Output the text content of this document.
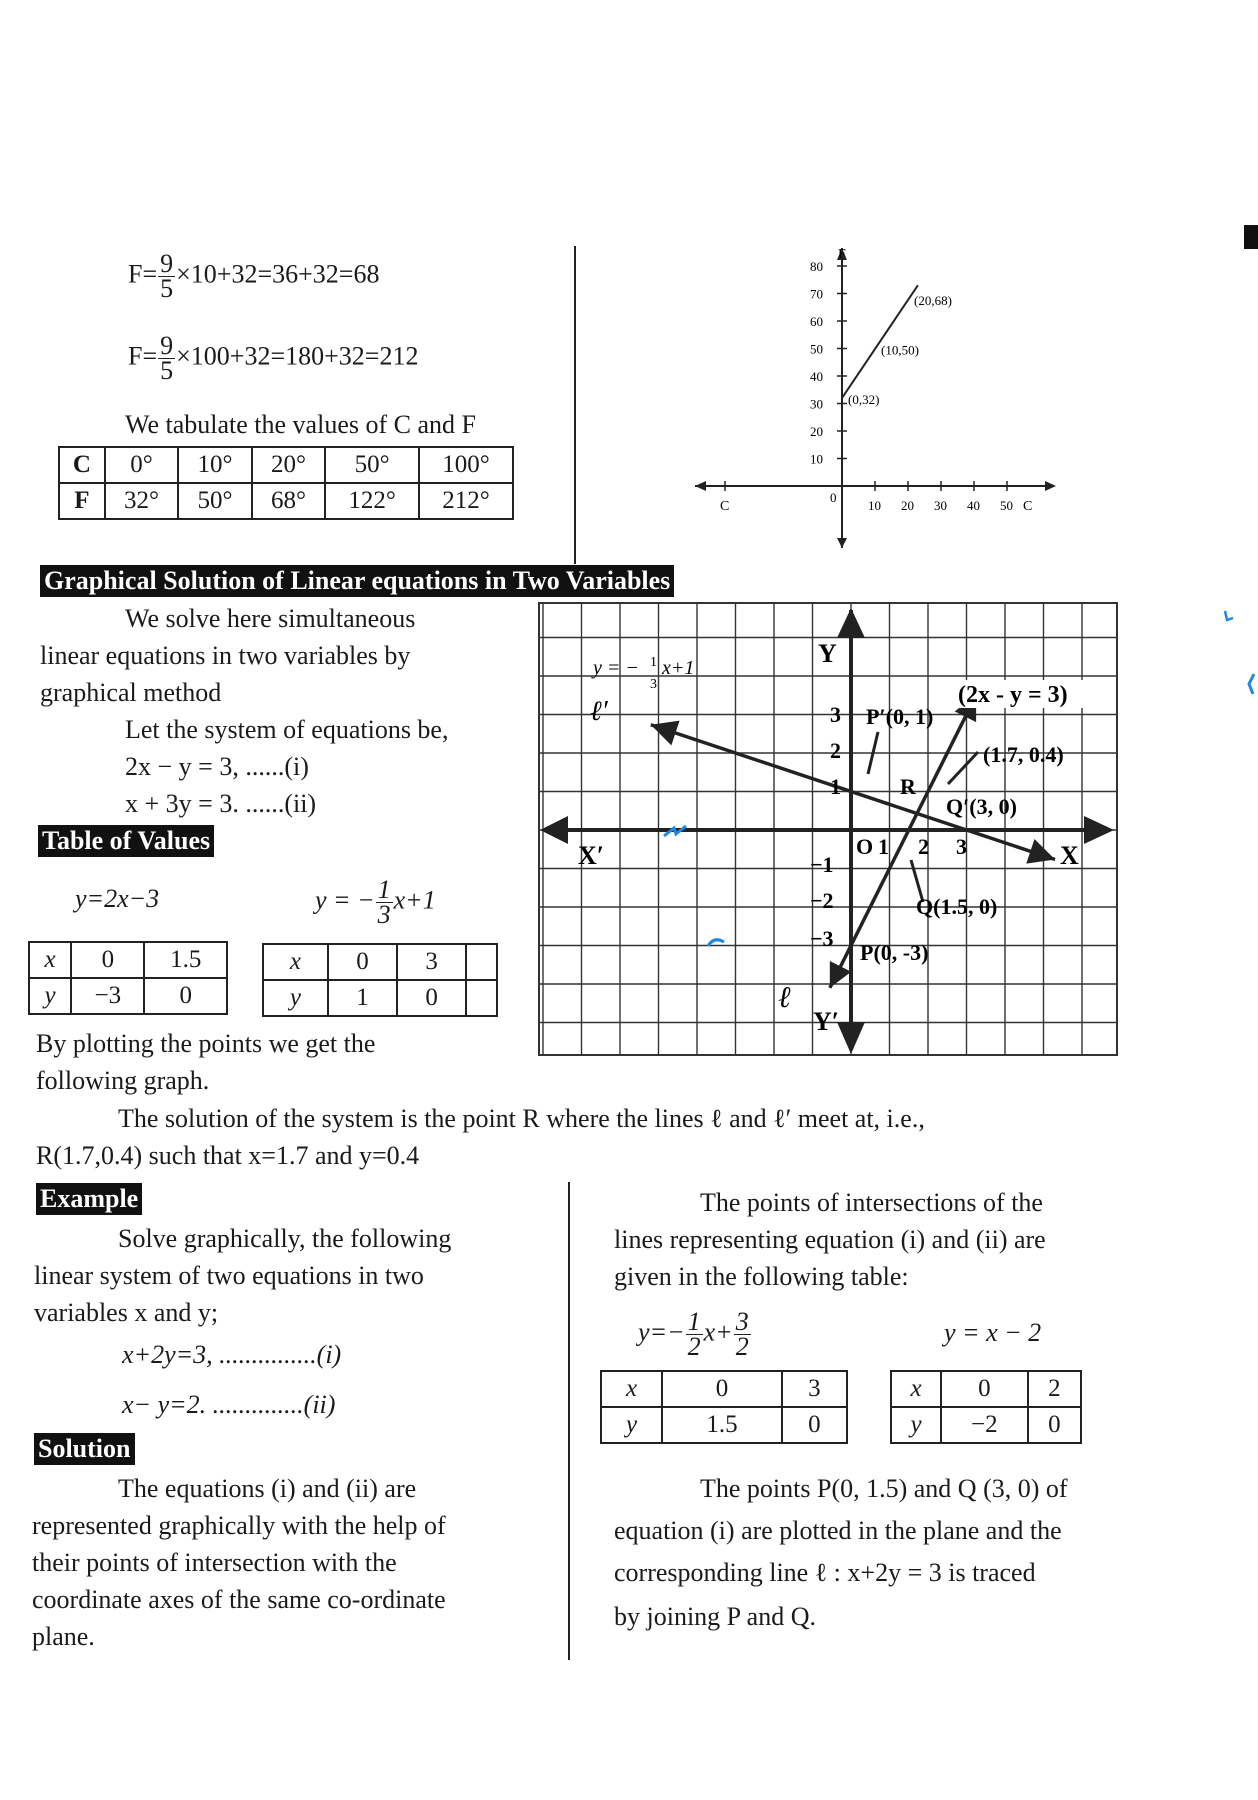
$F= \frac{9}{5} \times 10+32=36+32=68$
$F= \frac{9}{5} \times 100+32=180+32=212$
We tabulate the values of C and F
C	0°	10°	20°	50°	100°
F	32°	50°	68°	122°	212°
10
20
30
40
50
60
70
80
10 20 30 40 50
F
C
C
0
(0,32)
(10,50)
(20,68)
Graphical Solution of Linear equations in Two Variables
We solve here simultaneous
linear equations in two variables by
graphical method
Let the system of equations be,
2x − y = 3, ......(i)
x + 3y = 3. ......(ii)
Table of Values
y=2x−3	y = − $\frac{1}{3} x+1$
x	0	1.5
y	−3	0
x	0	3	
y	1	0	
By plotting the points we get the
following graph.
(2x - y = 3)
Y
Y′
X
X′
y = − 1
3
x+1
ℓ′
ℓ
P′(0, 1)
(1.7, 0.4)
R
Q′(3, 0)
Q(1.5, 0)
P(0, -3)
O 1 2 3
3
2
1
−1
−2
−3
The solution of the system is the point R where the lines ℓ and ℓ′ meet at, i.e.,
R(1.7,0.4) such that x=1.7 and y=0.4
Example
Solve graphically, the following
linear system of two equations in two
variables x and y;
x+2y=3, ...............(i)
x− y=2. ..............(ii)
Solution
The equations (i) and (ii) are
represented graphically with the help of
their points of intersection with the
coordinate axes of the same co-ordinate
plane.
The points of intersections of the
lines representing equation (i) and (ii) are
given in the following table:
$y=- \frac{1}{2} x+ \frac{3}{2}$	y = x − 2
x	0	3
y	1.5	0
x	0	2
y	−2	0
The points P(0, 1.5) and Q (3, 0) of
equation (i) are plotted in the plane and the
corresponding line ℓ : x+2y = 3 is traced
by joining P and Q.
